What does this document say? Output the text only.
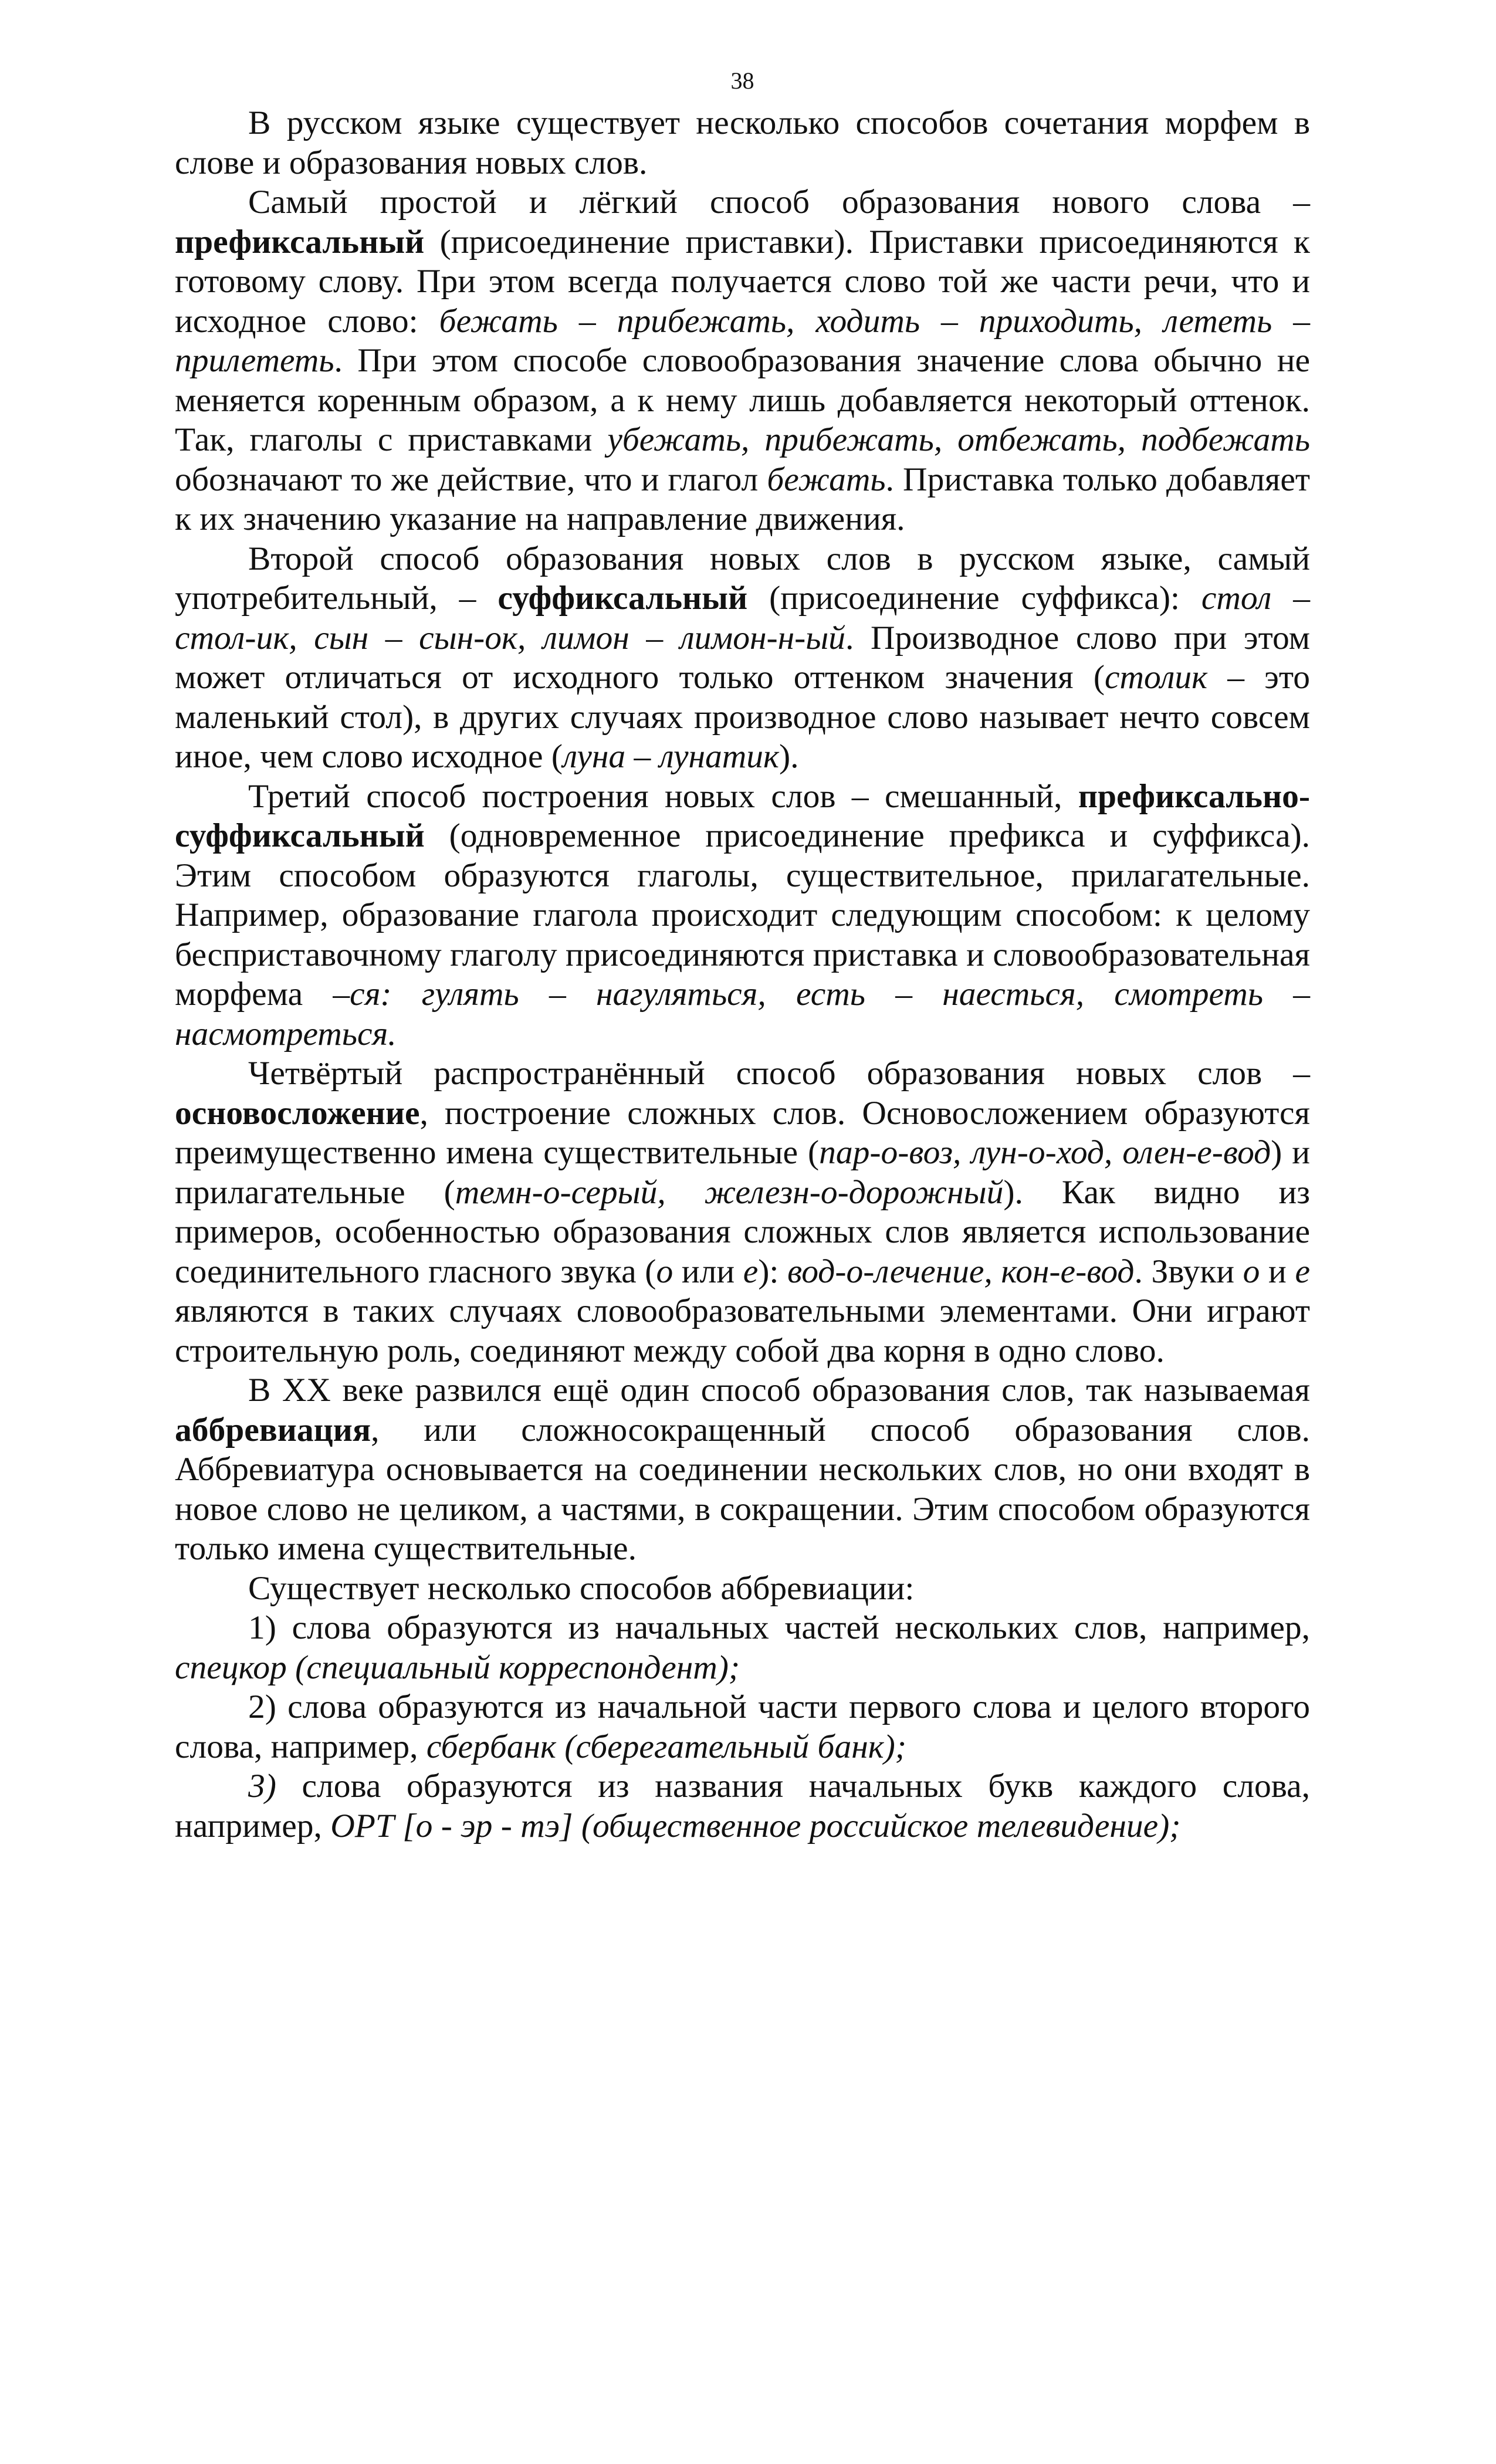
38

В русском языке существует несколько способов сочетания морфем в слове и образования новых слов.

Самый простой и лёгкий способ образования нового слова – префиксальный (присоединение приставки). Приставки присоединяются к готовому слову. При этом всегда получается слово той же части речи, что и исходное слово: бежать – прибежать, ходить – приходить, лететь – прилететь. При этом способе словообразования значение слова обычно не меняется коренным образом, а к нему лишь добавляется некоторый оттенок. Так, глаголы с приставками убежать, прибежать, отбежать, подбежать обозначают то же действие, что и глагол бежать. Приставка только добавляет к их значению указание на направление движения.

Второй способ образования новых слов в русском языке, самый употребительный, – суффиксальный (присоединение суффикса): стол – стол-ик, сын – сын-ок, лимон – лимон-н-ый. Производное слово при этом может отличаться от исходного только оттенком значения (столик – это маленький стол), в других случаях производное слово называет нечто совсем иное, чем слово исходное (луна – лунатик).

Третий способ построения новых слов – смешанный, префиксально-суффиксальный (одновременное присоединение префикса и суффикса). Этим способом образуются глаголы, существительное, прилагательные. Например, образование глагола происходит следующим способом: к целому бесприставочному глаголу присоединяются приставка и словообразовательная морфема –ся: гулять – нагуляться, есть – наесться, смотреть – насмотреться.

Четвёртый распространённый способ образования новых слов – основосложение, построение сложных слов. Основосложением образуются преимущественно имена существительные (пар-о-воз, лун-о-ход, олен-е-вод) и прилагательные (темн-о-серый, железн-о-дорожный). Как видно из примеров, особенностью образования сложных слов является использование соединительного гласного звука (о или е): вод-о-лечение, кон-е-вод. Звуки о и е являются в таких случаях словообразовательными элементами. Они играют строительную роль, соединяют между собой два корня в одно слово.

В XX веке развился ещё один способ образования слов, так называемая аббревиация, или сложносокращенный способ образования слов. Аббревиатура основывается на соединении нескольких слов, но они входят в новое слово не целиком, а частями, в сокращении. Этим способом образуются только имена существительные.

Существует несколько способов аббревиации:

1) слова образуются из начальных частей нескольких слов, например, спецкор (специальный корреспондент);

2) слова образуются из начальной части первого слова и целого второго слова, например, сбербанк (сберегательный банк);

3) слова образуются из названия начальных букв каждого слова, например, ОРТ [о - эр - тэ] (общественное российское телевидение);
